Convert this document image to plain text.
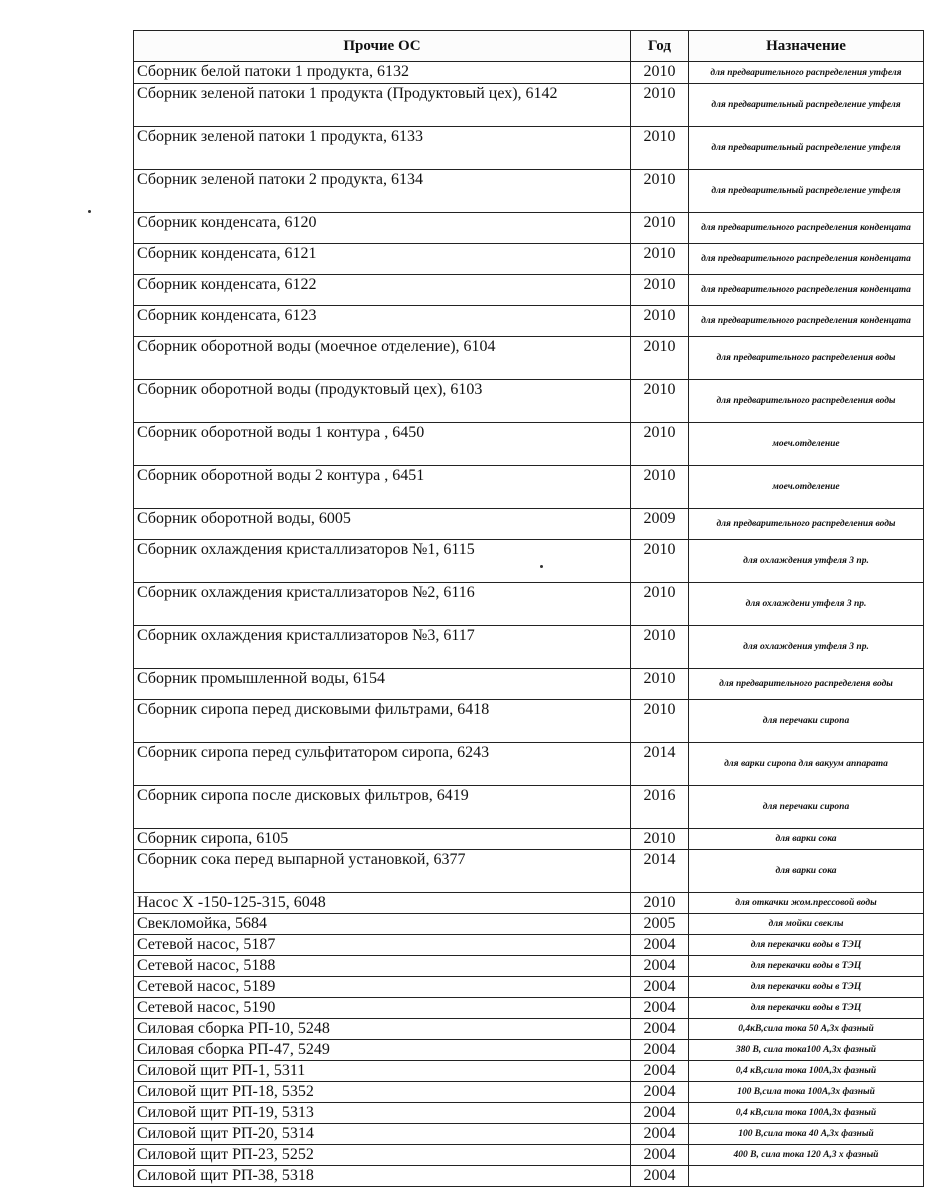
Прочие ОС	Год	Назначение
Сборник белой патоки 1 продукта, 6132	2010	для предварительного распределения утфеля
Сборник зеленой патоки 1 продукта (Продуктовый цех), 6142	2010	для предварительный распределение утфеля
Сборник зеленой патоки 1 продукта, 6133	2010	для предварительный распределение утфеля
Сборник зеленой патоки 2 продукта, 6134	2010	для предварительный распределение утфеля
Сборник конденсата, 6120	2010	для предварительного распределения конденцата
Сборник конденсата, 6121	2010	для предварительного распределения конденцата
Сборник конденсата, 6122	2010	для предварительного распределения конденцата
Сборник конденсата, 6123	2010	для предварительного распределения конденцата
Сборник оборотной воды (моечное отделение), 6104	2010	для предварительного распределения воды
Сборник оборотной воды (продуктовый цех), 6103	2010	для предварительного распределения воды
Сборник оборотной воды 1 контура , 6450	2010	моеч.отделение
Сборник оборотной воды 2 контура , 6451	2010	моеч.отделение
Сборник оборотной воды, 6005	2009	для предварительного распределения воды
Сборник охлаждения кристаллизаторов №1, 6115	2010	для охлаждения утфеля 3 пр.
Сборник охлаждения кристаллизаторов №2, 6116	2010	для охлаждени утфеля 3 пр.
Сборник охлаждения кристаллизаторов №3, 6117	2010	для охлаждения утфеля 3 пр.
Сборник промышленной воды, 6154	2010	для предварительного распределеня воды
Сборник сиропа перед дисковыми фильтрами, 6418	2010	для перечаки сиропа
Сборник сиропа перед сульфитатором сиропа, 6243	2014	для варки сиропа для вакуум аппарата
Сборник сиропа после дисковых фильтров, 6419	2016	для перечаки сиропа
Сборник сиропа, 6105	2010	для варки сока
Сборник сока перед выпарной установкой, 6377	2014	для варки сока
Насос Х -150-125-315, 6048	2010	для откачки жом.прессовой воды
Свекломойка, 5684	2005	для мойки свеклы
Сетевой насос, 5187	2004	для перекачки воды в ТЭЦ
Сетевой насос, 5188	2004	для перекачки воды в ТЭЦ
Сетевой насос, 5189	2004	для перекачки воды в ТЭЦ
Сетевой насос, 5190	2004	для перекачки воды в ТЭЦ
Силовая сборка РП-10, 5248	2004	0,4кВ,сила тока 50 А,3х фазный
Силовая сборка РП-47, 5249	2004	380 В, сила тока100 А,3х фазный
Силовой щит РП-1, 5311	2004	0,4 кВ,сила тока 100А,3х фазный
Силовой щит РП-18, 5352	2004	100 В,сила тока 100А,3х фазный
Силовой щит РП-19, 5313	2004	0,4 кВ,сила тока 100А,3х фазный
Силовой щит РП-20, 5314	2004	100 В,сила тока 40 А,3х фазный
Силовой щит РП-23, 5252	2004	400 В, сила тока 120 А,3 х фазный
Силовой щит РП-38, 5318	2004	
